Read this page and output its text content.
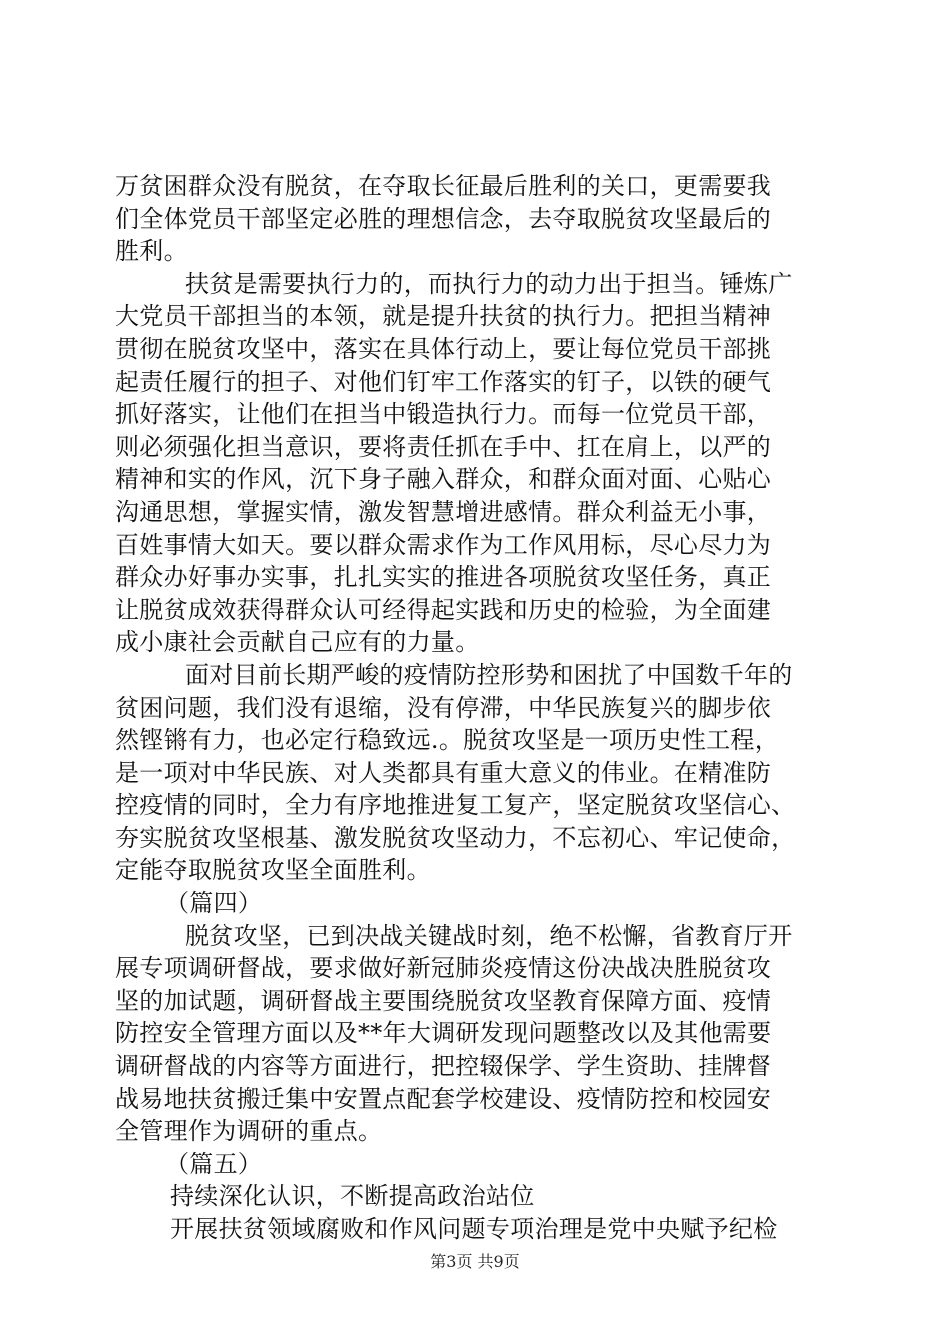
万贫困群众没有脱贫，在夺取长征最后胜利的关口，更需要我
们全体党员干部坚定必胜的理想信念，去夺取脱贫攻坚最后的
胜利。
扶贫是需要执行力的，而执行力的动力出于担当。锤炼广
大党员干部担当的本领，就是提升扶贫的执行力。把担当精神
贯彻在脱贫攻坚中，落实在具体行动上，要让每位党员干部挑
起责任履行的担子、对他们钉牢工作落实的钉子，以铁的硬气
抓好落实，让他们在担当中锻造执行力。而每一位党员干部，
则必须强化担当意识，要将责任抓在手中、扛在肩上，以严的
精神和实的作风，沉下身子融入群众，和群众面对面、心贴心
沟通思想，掌握实情，激发智慧增进感情。群众利益无小事，
百姓事情大如天。要以群众需求作为工作风用标，尽心尽力为
群众办好事办实事，扎扎实实的推进各项脱贫攻坚任务，真正
让脱贫成效获得群众认可经得起实践和历史的检验，为全面建
成小康社会贡献自己应有的力量。
面对目前长期严峻的疫情防控形势和困扰了中国数千年的
贫困问题，我们没有退缩，没有停滞，中华民族复兴的脚步依
然铿锵有力，也必定行稳致远.。脱贫攻坚是一项历史性工程，
是一项对中华民族、对人类都具有重大意义的伟业。在精准防
控疫情的同时，全力有序地推进复工复产，坚定脱贫攻坚信心、
夯实脱贫攻坚根基、激发脱贫攻坚动力，不忘初心、牢记使命，
定能夺取脱贫攻坚全面胜利。
（篇四）
脱贫攻坚，已到决战关键战时刻，绝不松懈，省教育厅开
展专项调研督战，要求做好新冠肺炎疫情这份决战决胜脱贫攻
坚的加试题，调研督战主要围绕脱贫攻坚教育保障方面、疫情
防控安全管理方面以及**年大调研发现问题整改以及其他需要
调研督战的内容等方面进行，把控辍保学、学生资助、挂牌督
战易地扶贫搬迁集中安置点配套学校建设、疫情防控和校园安
全管理作为调研的重点。
（篇五）
持续深化认识，不断提高政治站位
开展扶贫领域腐败和作风问题专项治理是党中央赋予纪检
第3页 共9页
